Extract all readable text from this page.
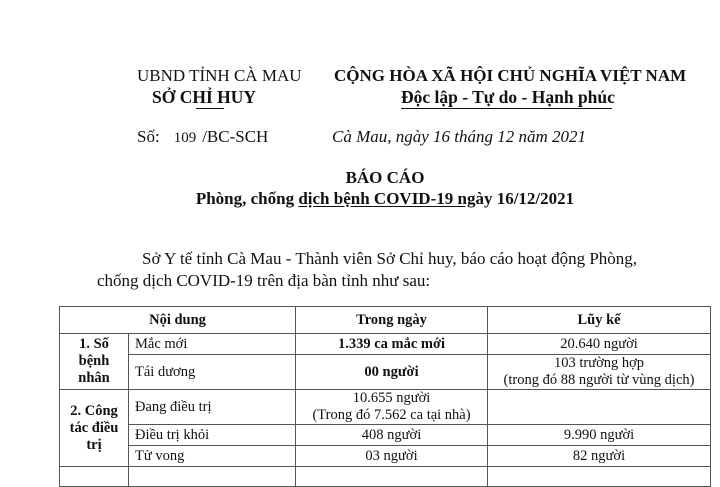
UBND TỈNH CÀ MAU
SỞ CHỈ HUY
CỘNG HÒA XÃ HỘI CHỦ NGHĨA VIỆT NAM
Độc lập - Tự do - Hạnh phúc
Số: 109 /BC-SCH	Cà Mau, ngày 16 tháng 12 năm 2021
BÁO CÁO
Phòng, chống dịch bệnh COVID-19 ngày 16/12/2021
Sở Y tế tỉnh Cà Mau - Thành viên Sở Chỉ huy, báo cáo hoạt động Phòng,
chống dịch COVID-19 trên địa bàn tỉnh như sau:
Nội dung		Trong ngày	Lũy kế
1. Số bệnh nhân	Mắc mới	1.339 ca mắc mới	20.640 người
	Tái dương	00 người	103 trường hợp
(trong đó 88 người từ vùng dịch)

2. Công tác điều trị	Đang điều trị	10.655 người
(Trong đó 7.562 ca tại nhà)	

	Điều trị khỏi	408 người	9.990 người
	Tử vong	03 người	82 người
